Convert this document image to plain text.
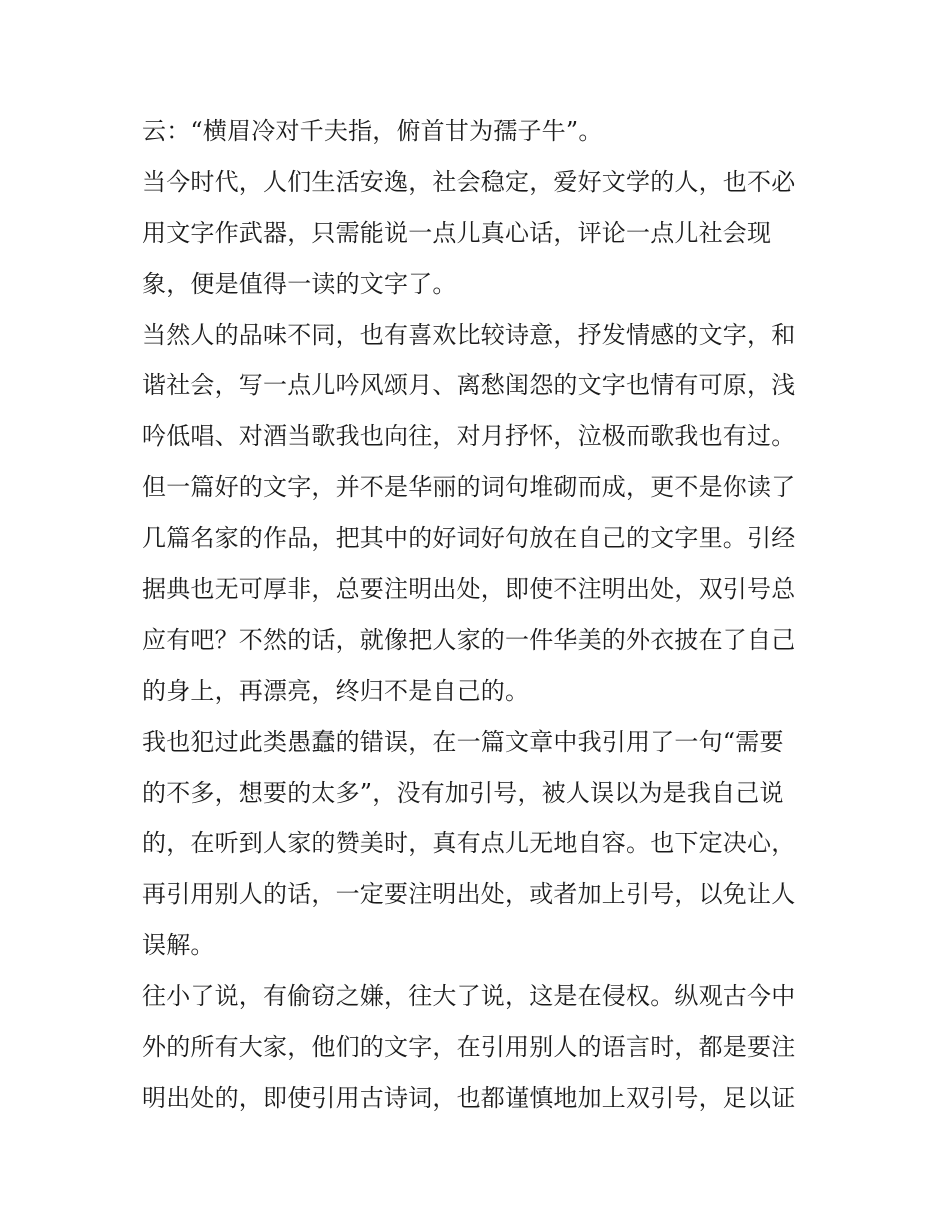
云：“横眉冷对千夫指，俯首甘为孺子牛”。
当今时代，人们生活安逸，社会稳定，爱好文学的人，也不必
用文字作武器，只需能说一点儿真心话，评论一点儿社会现
象，便是值得一读的文字了。
当然人的品味不同，也有喜欢比较诗意，抒发情感的文字，和
谐社会，写一点儿吟风颂月、离愁闺怨的文字也情有可原，浅
吟低唱、对酒当歌我也向往，对月抒怀，泣极而歌我也有过。
但一篇好的文字，并不是华丽的词句堆砌而成，更不是你读了
几篇名家的作品，把其中的好词好句放在自己的文字里。引经
据典也无可厚非，总要注明出处，即使不注明出处，双引号总
应有吧？不然的话，就像把人家的一件华美的外衣披在了自己
的身上，再漂亮，终归不是自己的。
我也犯过此类愚蠢的错误，在一篇文章中我引用了一句“需要
的不多，想要的太多”，没有加引号，被人误以为是我自己说
的，在听到人家的赞美时，真有点儿无地自容。也下定决心，
再引用别人的话，一定要注明出处，或者加上引号，以免让人
误解。
往小了说，有偷窃之嫌，往大了说，这是在侵权。纵观古今中
外的所有大家，他们的文字，在引用别人的语言时，都是要注
明出处的，即使引用古诗词，也都谨慎地加上双引号，足以证
